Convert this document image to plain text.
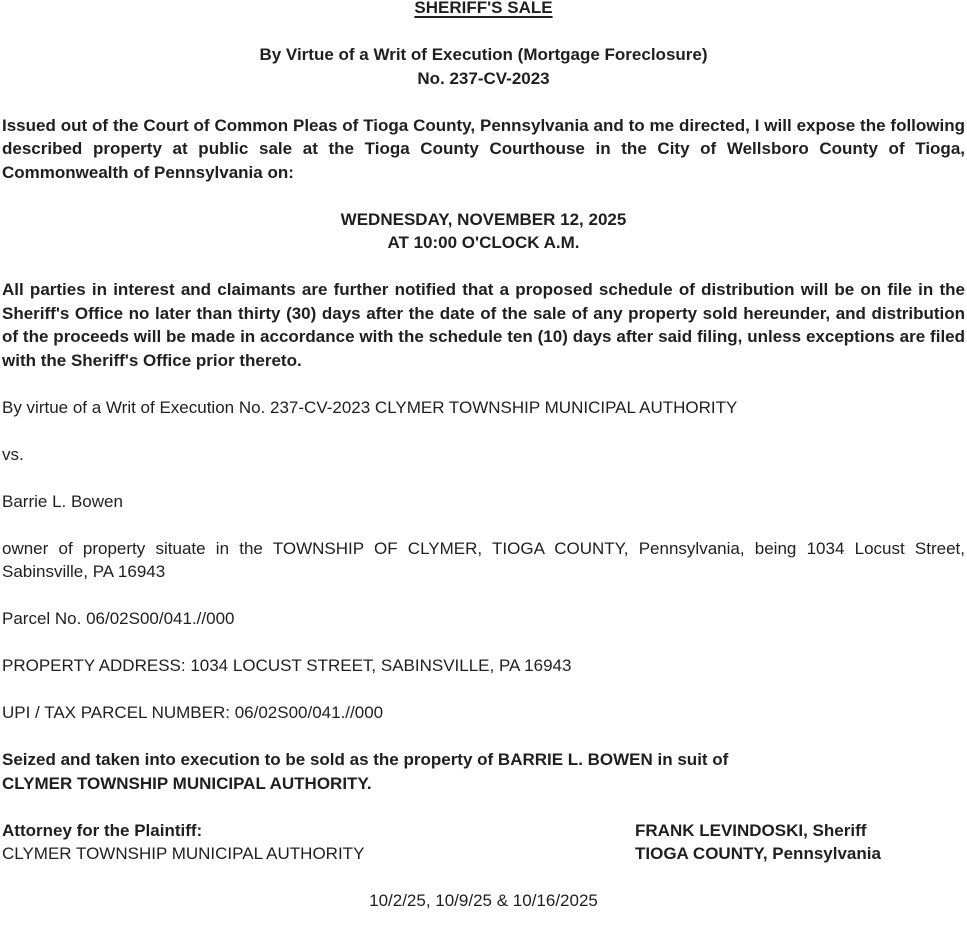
SHERIFF'S SALE

By Virtue of a Writ of Execution (Mortgage Foreclosure)
No. 237-CV-2023

Issued out of the Court of Common Pleas of Tioga County, Pennsylvania and to me directed, I will expose the following described property at public sale at the Tioga County Courthouse in the City of Wellsboro County of Tioga, Commonwealth of Pennsylvania on:

WEDNESDAY, NOVEMBER 12, 2025
AT 10:00 O'CLOCK A.M.

All parties in interest and claimants are further notified that a proposed schedule of distribution will be on file in the Sheriff's Office no later than thirty (30) days after the date of the sale of any property sold hereunder, and distribution of the proceeds will be made in accordance with the schedule ten (10) days after said filing, unless exceptions are filed with the Sheriff's Office prior thereto.

By virtue of a Writ of Execution No. 237-CV-2023 CLYMER TOWNSHIP MUNICIPAL AUTHORITY

vs.

Barrie L. Bowen

owner of property situate in the TOWNSHIP OF CLYMER, TIOGA COUNTY, Pennsylvania, being 1034 Locust Street, Sabinsville, PA 16943

Parcel No. 06/02S00/041.//000

PROPERTY ADDRESS: 1034 LOCUST STREET, SABINSVILLE, PA 16943

UPI / TAX PARCEL NUMBER: 06/02S00/041.//000

Seized and taken into execution to be sold as the property of BARRIE L. BOWEN in suit of
CLYMER TOWNSHIP MUNICIPAL AUTHORITY.

Attorney for the Plaintiff:
CLYMER TOWNSHIP MUNICIPAL AUTHORITY
FRANK LEVINDOSKI, Sheriff
TIOGA COUNTY, Pennsylvania

10/2/25, 10/9/25 & 10/16/2025
